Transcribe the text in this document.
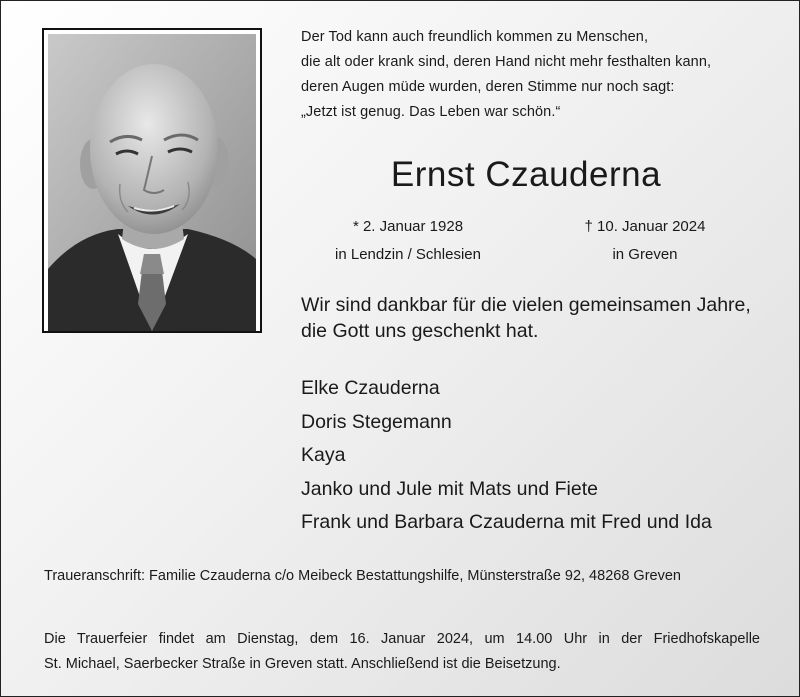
Der Tod kann auch freundlich kommen zu Menschen,
die alt oder krank sind, deren Hand nicht mehr festhalten kann,
deren Augen müde wurden, deren Stimme nur noch sagt:
„Jetzt ist genug. Das Leben war schön.“
Ernst Czauderna
* 2. Januar 1928
in Lendzin / Schlesien
† 10. Januar 2024
in Greven
Wir sind dankbar für die vielen gemeinsamen Jahre,
die Gott uns geschenkt hat.
Elke Czauderna
Doris Stegemann
Kaya
Janko und Jule mit Mats und Fiete
Frank und Barbara Czauderna mit Fred und Ida
Traueranschrift: Familie Czauderna c/o Meibeck Bestattungshilfe, Münsterstraße 92, 48268 Greven
Die Trauerfeier findet am Dienstag, dem 16. Januar 2024, um 14.00 Uhr in der Friedhofskapelle
St. Michael, Saerbecker Straße in Greven statt. Anschließend ist die Beisetzung.
